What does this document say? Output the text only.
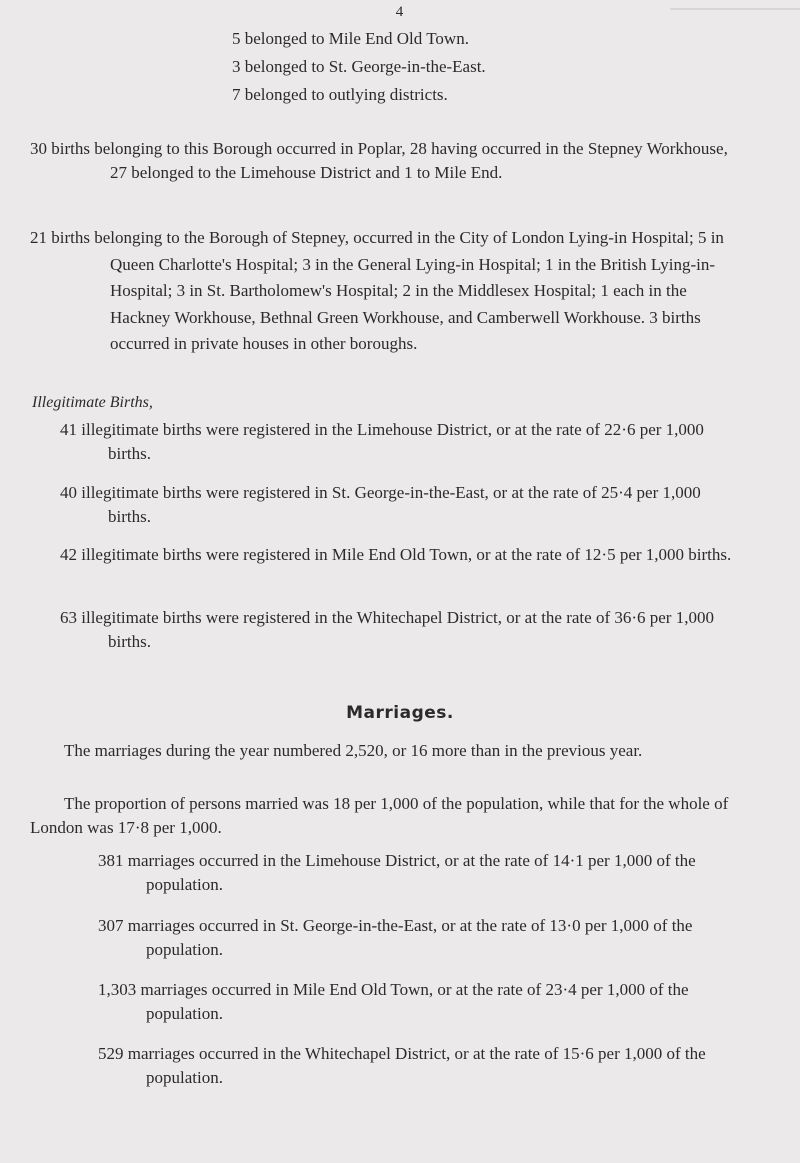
4
5 belonged to Mile End Old Town.
3 belonged to St. George-in-the-East.
7 belonged to outlying districts.

30 births belonging to this Borough occurred in Poplar, 28 having occurred in the Stepney Workhouse, 27 belonged to the Limehouse District and 1 to Mile End.

21 births belonging to the Borough of Stepney, occurred in the City of London Lying-in Hospital; 5 in Queen Charlotte's Hospital; 3 in the General Lying-in Hospital; 1 in the British Lying-in-Hospital; 3 in St. Bartholomew's Hospital; 2 in the Middlesex Hospital; 1 each in the Hackney Workhouse, Bethnal Green Workhouse, and Camberwell Workhouse. 3 births occurred in private houses in other boroughs.

Illegitimate Births,

41 illegitimate births were registered in the Limehouse District, or at the rate of 22·6 per 1,000 births.

40 illegitimate births were registered in St. George-in-the-East, or at the rate of 25·4 per 1,000 births.

42 illegitimate births were registered in Mile End Old Town, or at the rate of 12·5 per 1,000 births.

63 illegitimate births were registered in the Whitechapel District, or at the rate of 36·6 per 1,000 births.

Marriages.

The marriages during the year numbered 2,520, or 16 more than in the previous year.

The proportion of persons married was 18 per 1,000 of the population, while that for the whole of London was 17·8 per 1,000.

381 marriages occurred in the Limehouse District, or at the rate of 14·1 per 1,000 of the population.

307 marriages occurred in St. George-in-the-East, or at the rate of 13·0 per 1,000 of the population.

1,303 marriages occurred in Mile End Old Town, or at the rate of 23·4 per 1,000 of the population.

529 marriages occurred in the Whitechapel District, or at the rate of 15·6 per 1,000 of the population.
